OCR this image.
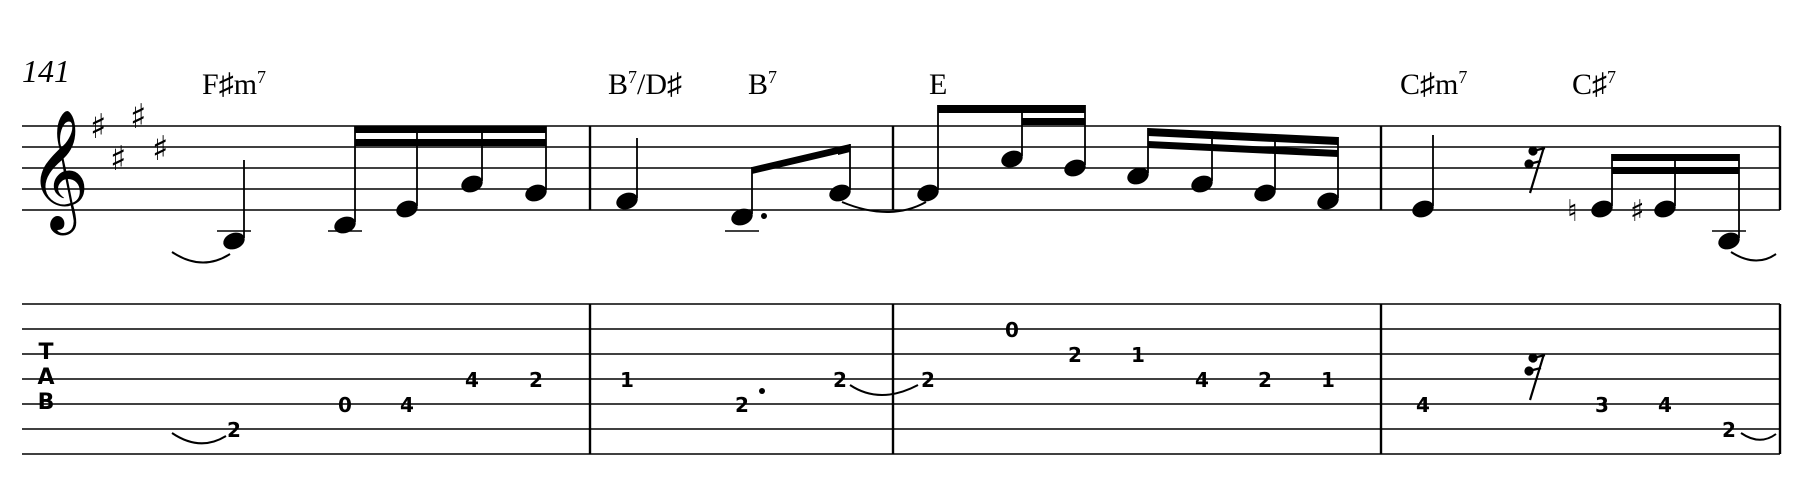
141
𝄞 ♯
♯
♯
♯
$F♯m^7$	$B^7/D♯$ $B^7$	E	$C♯m^7$	C♯$^7$
♮ ♯
T
A
B
2
0 4
4	2	1
2
2	2
0
2 1
4 2 1
4	3 4
2
